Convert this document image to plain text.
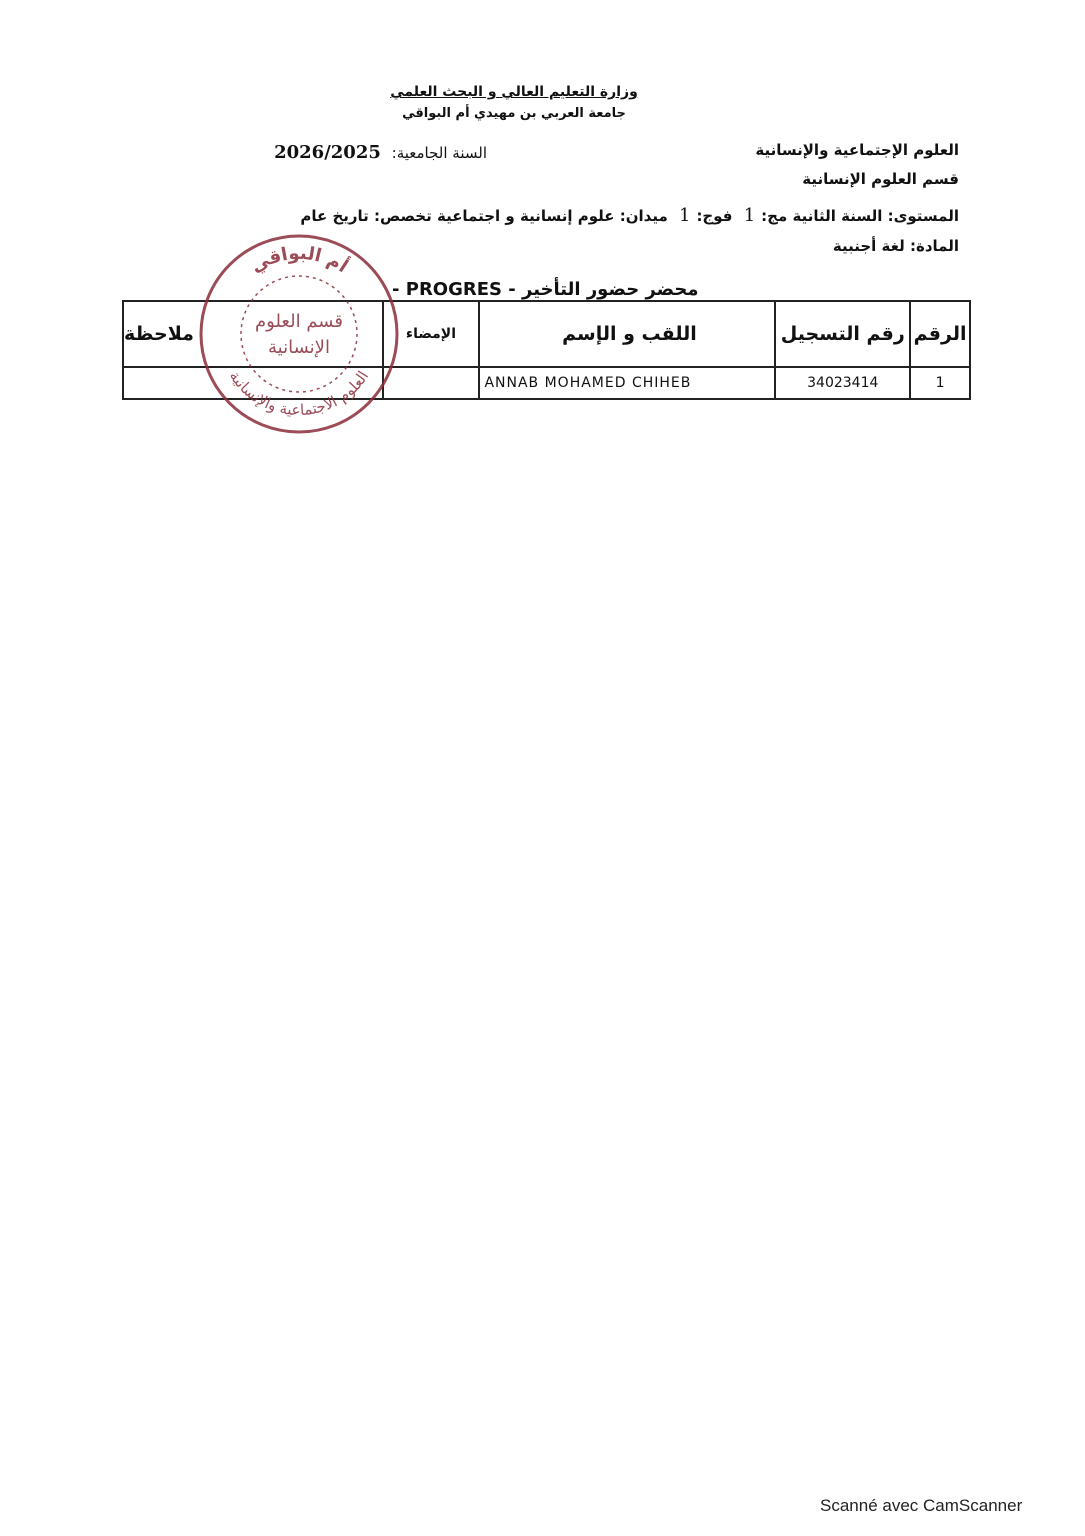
وزارة التعليم العالي و البحث العلمي
جامعة العربي بن مهيدي أم البواقي
العلوم الإجتماعية والإنسانية
قسم العلوم الإنسانية
السنة الجامعية: 2026/2025
المستوى: السنة الثانية مج:1 فوج:1 ميدان: علوم إنسانية و اجتماعية تخصص: تاريخ عام
المادة: لغة أجنبية
محضر حضور التأخير - PROGRES -
الرقم	رقم التسجيل	اللقب و الإسم	الإمضاء	ملاحظة
1	34023414	ANNAB MOHAMED CHIHEB		
أم البواقي
العلوم الاجتماعية والإنسانية
قسم العلوم
الإنسانية
Scanné avec CamScanner
